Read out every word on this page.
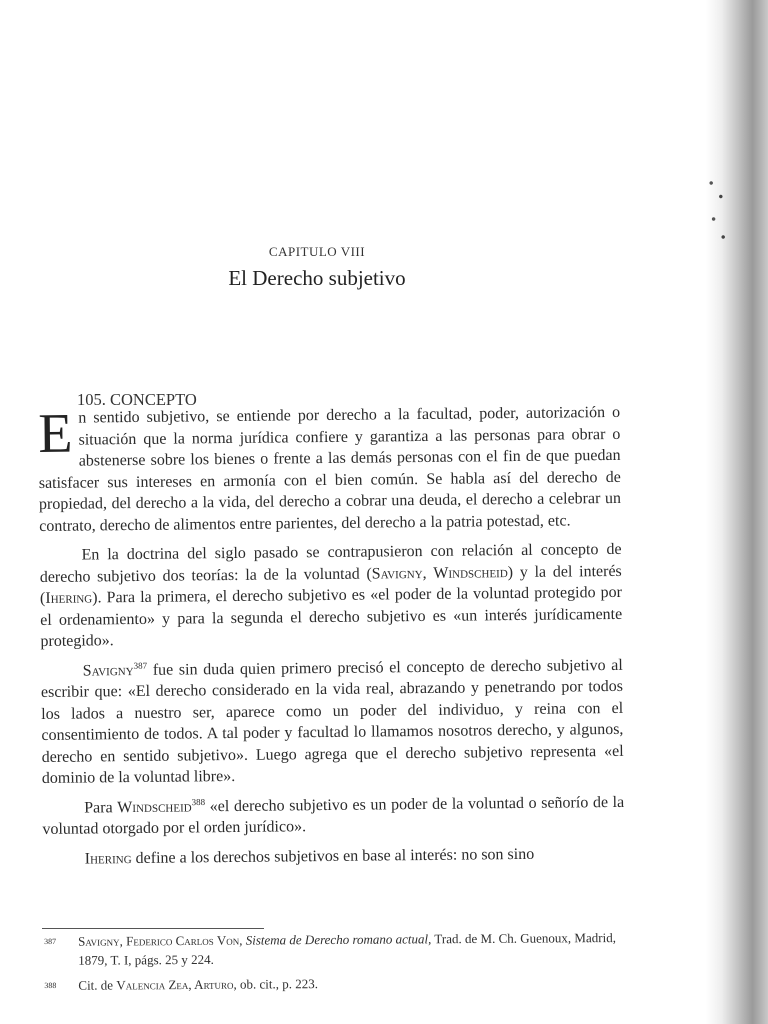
CAPITULO VIII
El Derecho subjetivo
105. CONCEPTO

En sentido subjetivo, se entiende por derecho a la facultad, poder, autorización o situación que la norma jurídica confiere y garantiza a las personas para obrar o abstenerse sobre los bienes o frente a las demás personas con el fin de que puedan satisfacer sus intereses en armonía con el bien común. Se habla así del derecho de propiedad, del derecho a la vida, del derecho a cobrar una deuda, el derecho a celebrar un contrato, derecho de alimentos entre parientes, del derecho a la patria potestad, etc.

En la doctrina del siglo pasado se contrapusieron con relación al concepto de derecho subjetivo dos teorías: la de la voluntad (Savigny, Windscheid) y la del interés (Ihering). Para la primera, el derecho subjetivo es «el poder de la voluntad protegido por el ordenamiento» y para la segunda el derecho subjetivo es «un interés jurídicamente protegido».

Savigny$^{387}$ fue sin duda quien primero precisó el concepto de derecho subjetivo al escribir que: «El derecho considerado en la vida real, abrazando y penetrando por todos los lados a nuestro ser, aparece como un poder del individuo, y reina con el consentimiento de todos. A tal poder y facultad lo llamamos nosotros derecho, y algunos, derecho en sentido subjetivo». Luego agrega que el derecho subjetivo representa «el dominio de la voluntad libre».

Para Windscheid$^{388}$ «el derecho subjetivo es un poder de la voluntad o señorío de la voluntad otorgado por el orden jurídico».

Ihering define a los derechos subjetivos en base al interés: no son sino

387 Savigny, Federico Carlos Von, Sistema de Derecho romano actual, Trad. de M. Ch. Guenoux, Madrid, 1879, T. I, págs. 25 y 224.
388 Cit. de Valencia Zea, Arturo, ob. cit., p. 223.
